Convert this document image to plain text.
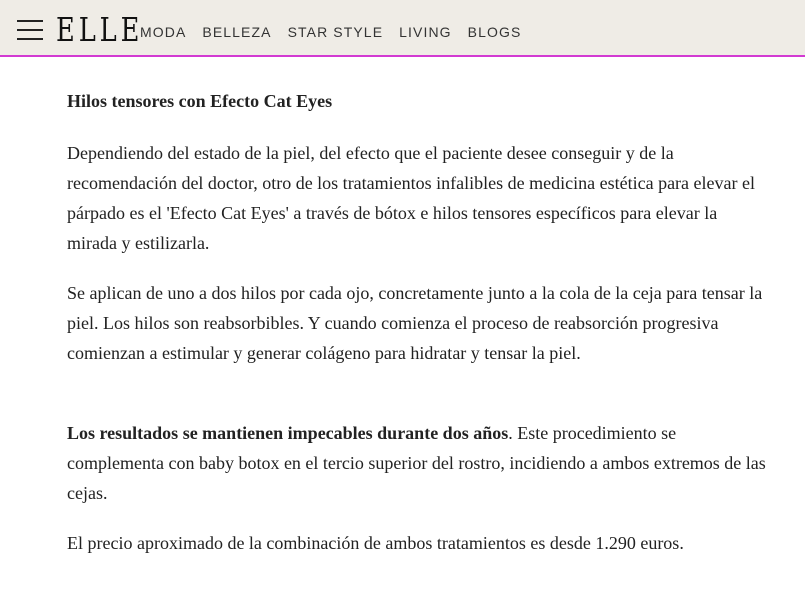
ELLE
MODA BELLEZA STAR STYLE LIVING BLOGS
Hilos tensores con Efecto Cat Eyes

Dependiendo del estado de la piel, del efecto que el paciente desee conseguir y de la recomendación del doctor, otro de los tratamientos infalibles de medicina estética para elevar el párpado es el 'Efecto Cat Eyes' a través de bótox e hilos tensores específicos para elevar la mirada y estilizarla.

Se aplican de uno a dos hilos por cada ojo, concretamente junto a la cola de la ceja para tensar la piel. Los hilos son reabsorbibles. Y cuando comienza el proceso de reabsorción progresiva comienzan a estimular y generar colágeno para hidratar y tensar la piel.

Los resultados se mantienen impecables durante dos años. Este procedimiento se complementa con baby botox en el tercio superior del rostro, incidiendo a ambos extremos de las cejas.

El precio aproximado de la combinación de ambos tratamientos es desde 1.290 euros.
